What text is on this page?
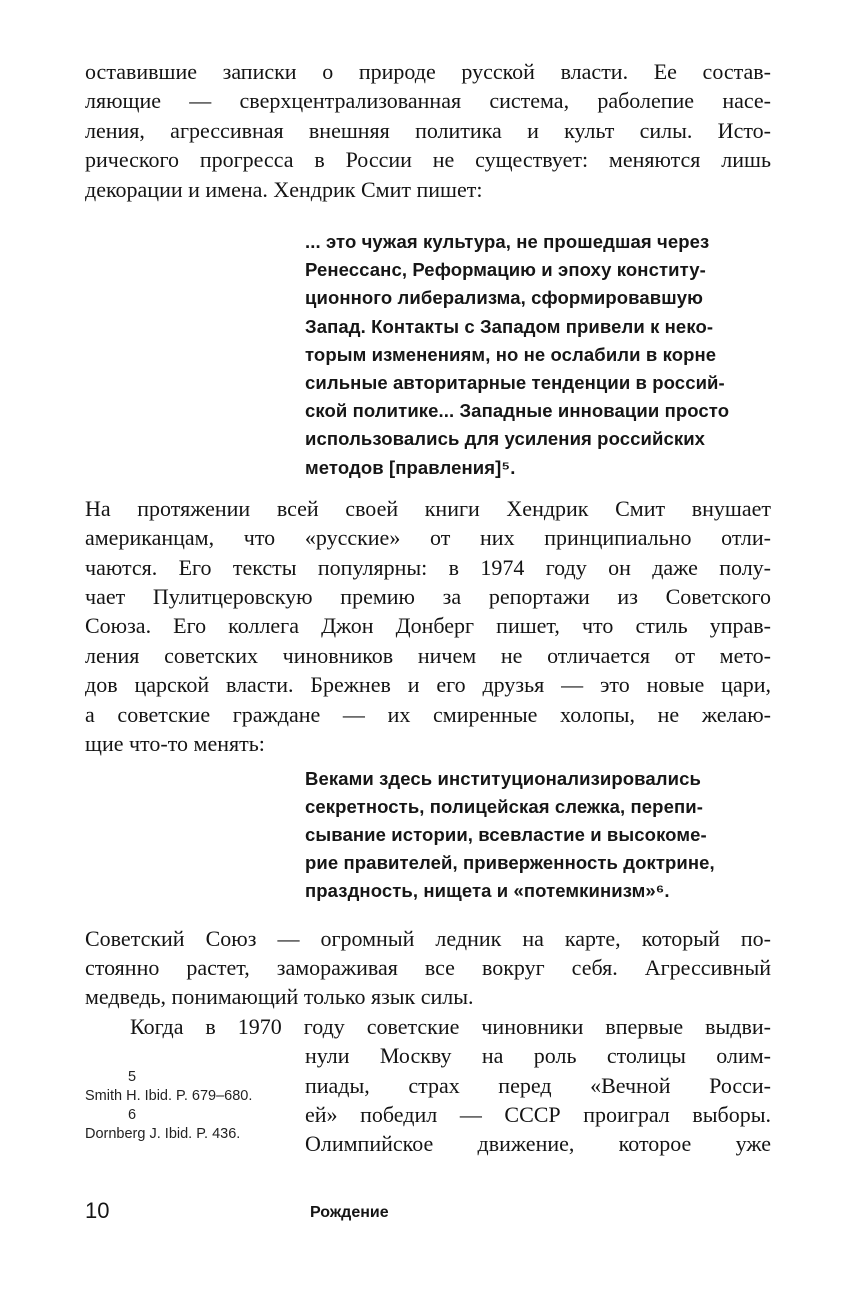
оставившие записки о природе русской власти. Ее состав-
ляющие — сверхцентрализованная система, раболепие насе-
ления, агрессивная внешняя политика и культ силы. Исто-
рического прогресса в России не существует: меняются лишь
декорации и имена. Хендрик Смит пишет:
... это чужая культура, не прошедшая через
Ренессанс, Реформацию и эпоху конститу-
ционного либерализма, сформировавшую
Запад. Контакты с Западом привели к неко-
торым изменениям, но не ослабили в корне
сильные авторитарные тенденции в россий-
ской политике... Западные инновации просто
использовались для усиления российских
методов [правления]⁵.
На протяжении всей своей книги Хендрик Смит внушает
американцам, что «русские» от них принципиально отли-
чаются. Его тексты популярны: в 1974 году он даже полу-
чает Пулитцеровскую премию за репортажи из Советского
Союза. Его коллега Джон Донберг пишет, что стиль управ-
ления советских чиновников ничем не отличается от мето-
дов царской власти. Брежнев и его друзья — это новые цари,
а советские граждане — их смиренные холопы, не желаю-
щие что-то менять:
Веками здесь институционализировались
секретность, полицейская слежка, перепи-
сывание истории, всевластие и высокоме-
рие правителей, приверженность доктрине,
праздность, нищета и «потемкинизм»⁶.
Советский Союз — огромный ледник на карте, который по-
стоянно растет, замораживая все вокруг себя. Агрессивный
медведь, понимающий только язык силы.
Когда в 1970 году советские чиновники впервые выдви-
5
Smith H. Ibid. P. 679–680.
6
Dornberg J. Ibid. P. 436.
нули Москву на роль столицы олим-
пиады, страх перед «Вечной Росси-
ей» победил — СССР проиграл выборы.
Олимпийское движение, которое уже
10	Рождение
